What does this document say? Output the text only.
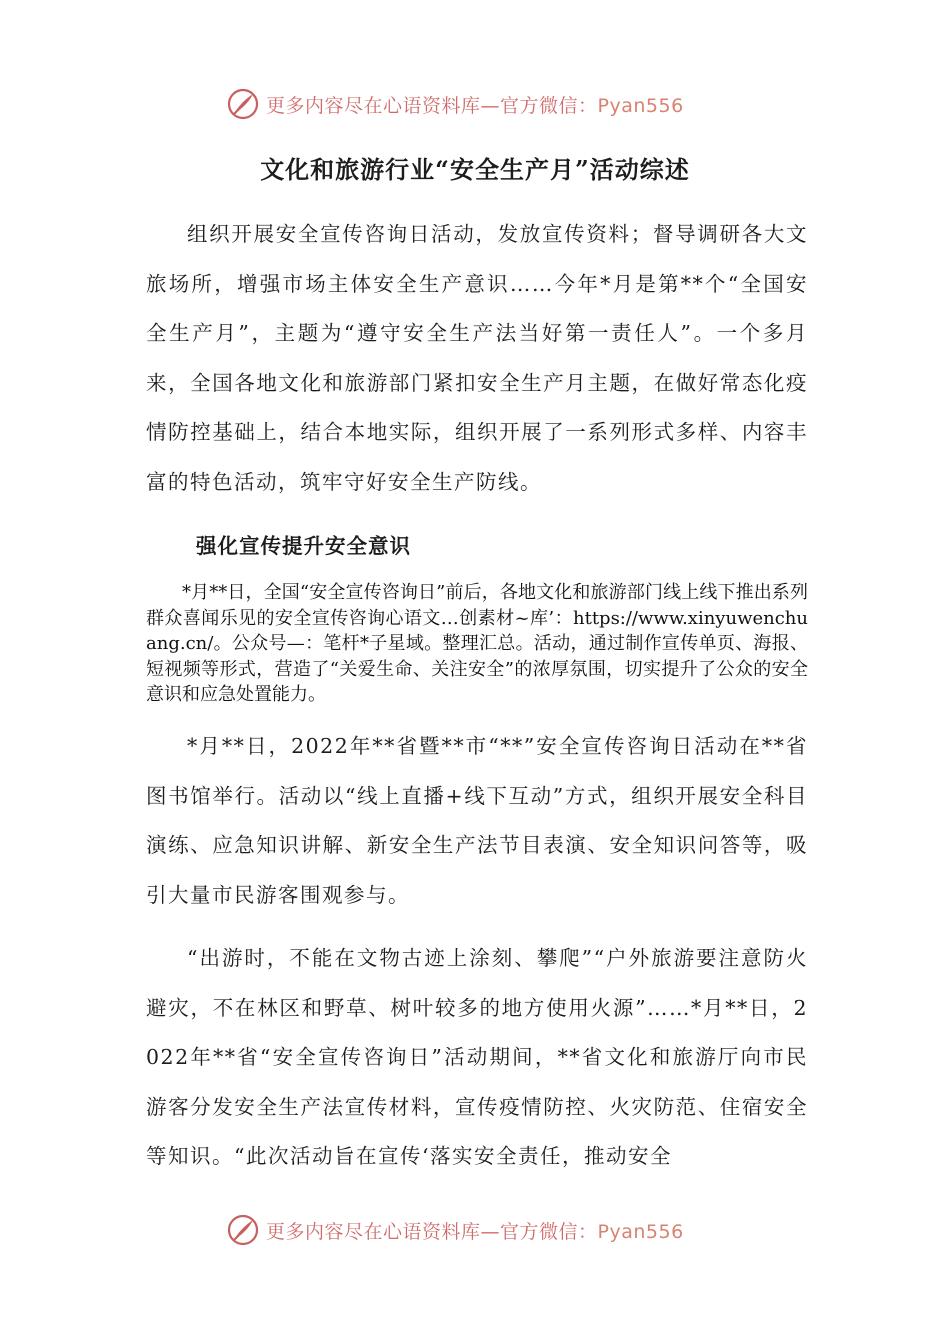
更多内容尽在心语资料库—官方微信：Pyan556
文化和旅游行业“安全生产月”活动综述

组织开展安全宣传咨询日活动，发放宣传资料；督导调研各大文旅场所，增强市场主体安全生产意识……今年*月是第**个“全国安全生产月”，主题为“遵守安全生产法当好第一责任人”。一个多月来，全国各地文化和旅游部门紧扣安全生产月主题，在做好常态化疫情防控基础上，结合本地实际，组织开展了一系列形式多样、内容丰富的特色活动，筑牢守好安全生产防线。

强化宣传提升安全意识

*月**日，全国“安全宣传咨询日”前后，各地文化和旅游部门线上线下推出系列群众喜闻乐见的安全宣传咨询心语文…创素材~库’：https://www.xinyuwenchuang.cn/。公众号—：笔杆*子星域。整理汇总。活动，通过制作宣传单页、海报、短视频等形式，营造了“关爱生命、关注安全”的浓厚氛围，切实提升了公众的安全意识和应急处置能力。

*月**日，2022年**省暨**市“**”安全宣传咨询日活动在**省图书馆举行。活动以“线上直播+线下互动”方式，组织开展安全科目演练、应急知识讲解、新安全生产法节目表演、安全知识问答等，吸引大量市民游客围观参与。

“出游时，不能在文物古迹上涂刻、攀爬”“户外旅游要注意防火避灾，不在林区和野草、树叶较多的地方使用火源”……*月**日，2022年**省“安全宣传咨询日”活动期间，**省文化和旅游厅向市民游客分发安全生产法宣传材料，宣传疫情防控、火灾防范、住宿安全等知识。“此次活动旨在宣传‘落实安全责任，推动安全

更多内容尽在心语资料库—官方微信：Pyan556
